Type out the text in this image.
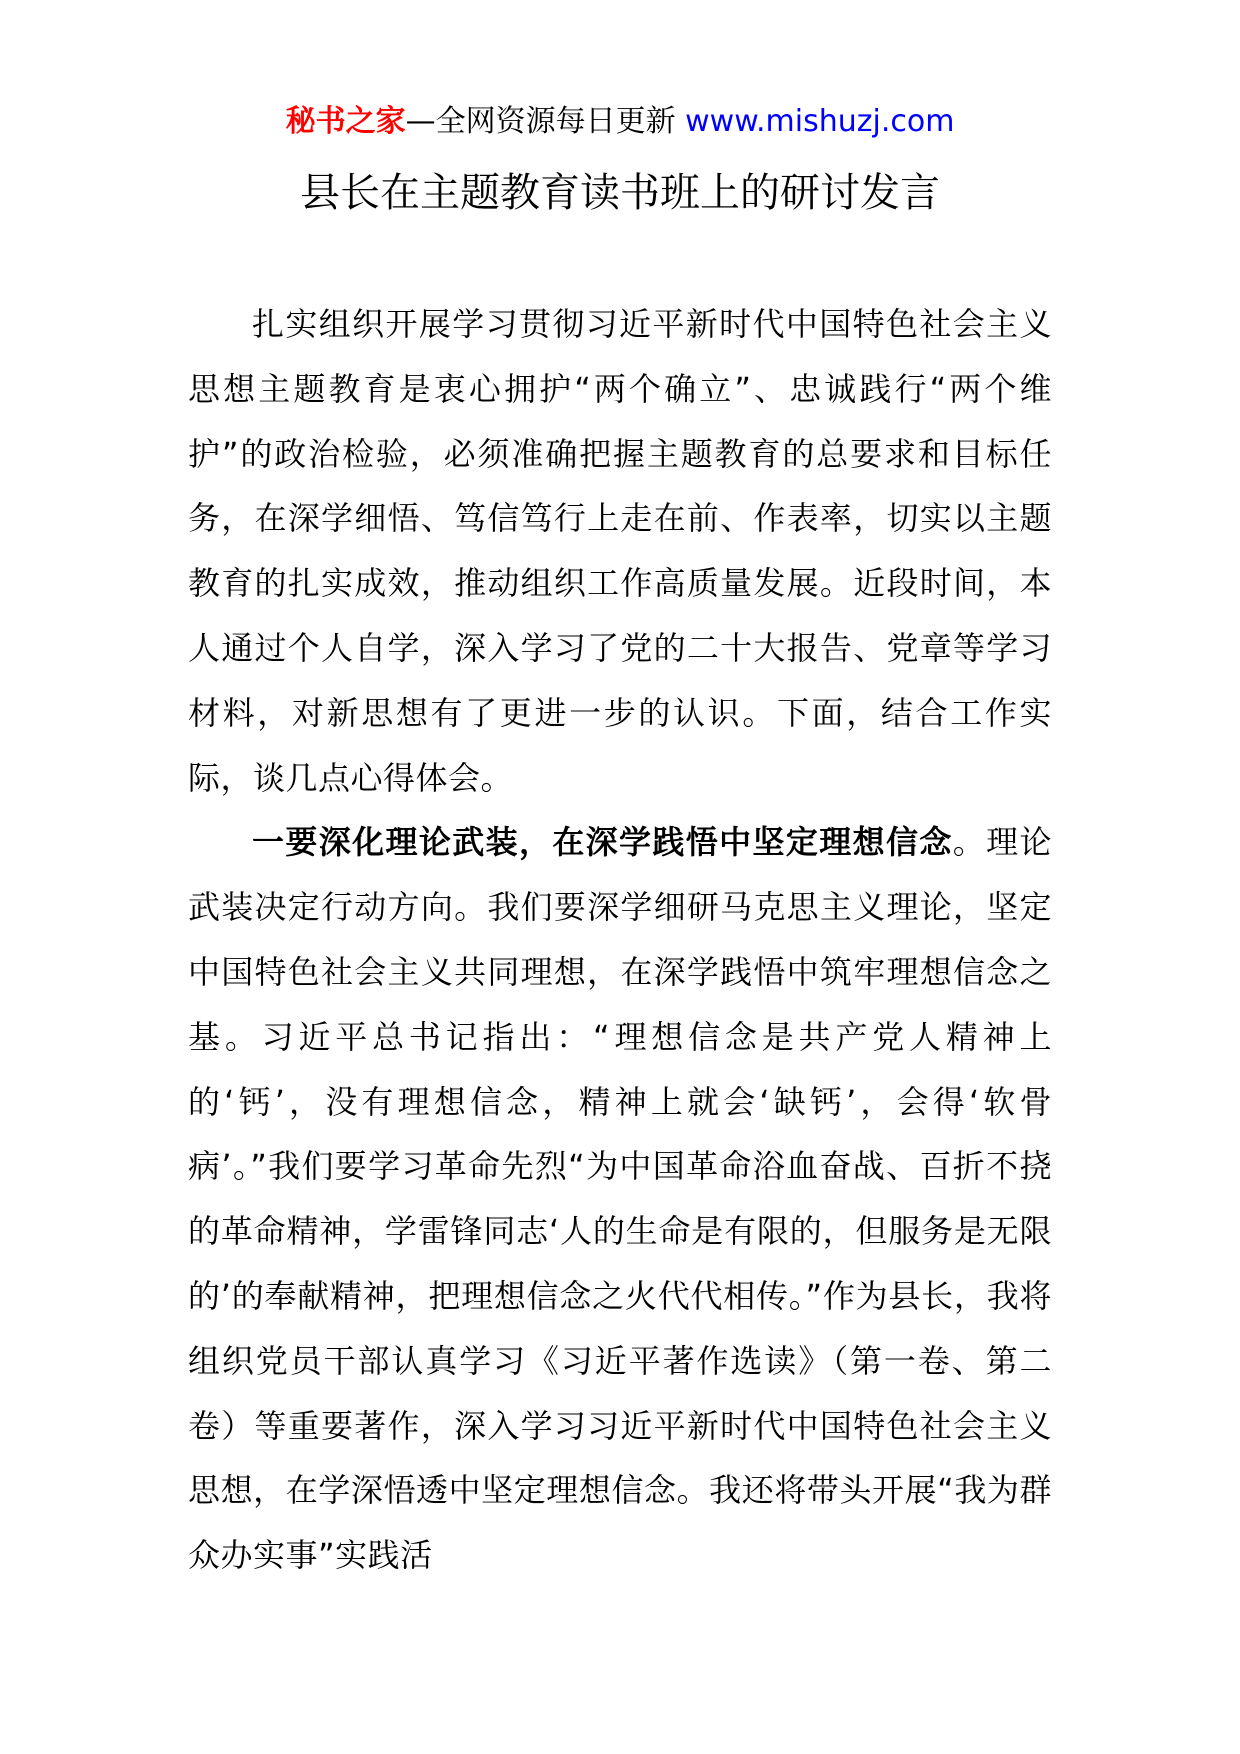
秘书之家—全网资源每日更新 www.mishuzj.com
县长在主题教育读书班上的研讨发言

扎实组织开展学习贯彻习近平新时代中国特色社会主义思想主题教育是衷心拥护“两个确立”、忠诚践行“两个维护”的政治检验，必须准确把握主题教育的总要求和目标任务，在深学细悟、笃信笃行上走在前、作表率，切实以主题教育的扎实成效，推动组织工作高质量发展。近段时间，本人通过个人自学，深入学习了党的二十大报告、党章等学习材料，对新思想有了更进一步的认识。下面，结合工作实际，谈几点心得体会。

一要深化理论武装，在深学践悟中坚定理想信念。理论武装决定行动方向。我们要深学细研马克思主义理论，坚定中国特色社会主义共同理想，在深学践悟中筑牢理想信念之基。习近平总书记指出：“理想信念是共产党人精神上的‘钙’，没有理想信念，精神上就会‘缺钙’，会得‘软骨病’。”我们要学习革命先烈“为中国革命浴血奋战、百折不挠的革命精神，学雷锋同志‘人的生命是有限的，但服务是无限的’的奉献精神，把理想信念之火代代相传。”作为县长，我将组织党员干部认真学习《习近平著作选读》（第一卷、第二卷）等重要著作，深入学习习近平新时代中国特色社会主义思想，在学深悟透中坚定理想信念。我还将带头开展“我为群众办实事”实践活
